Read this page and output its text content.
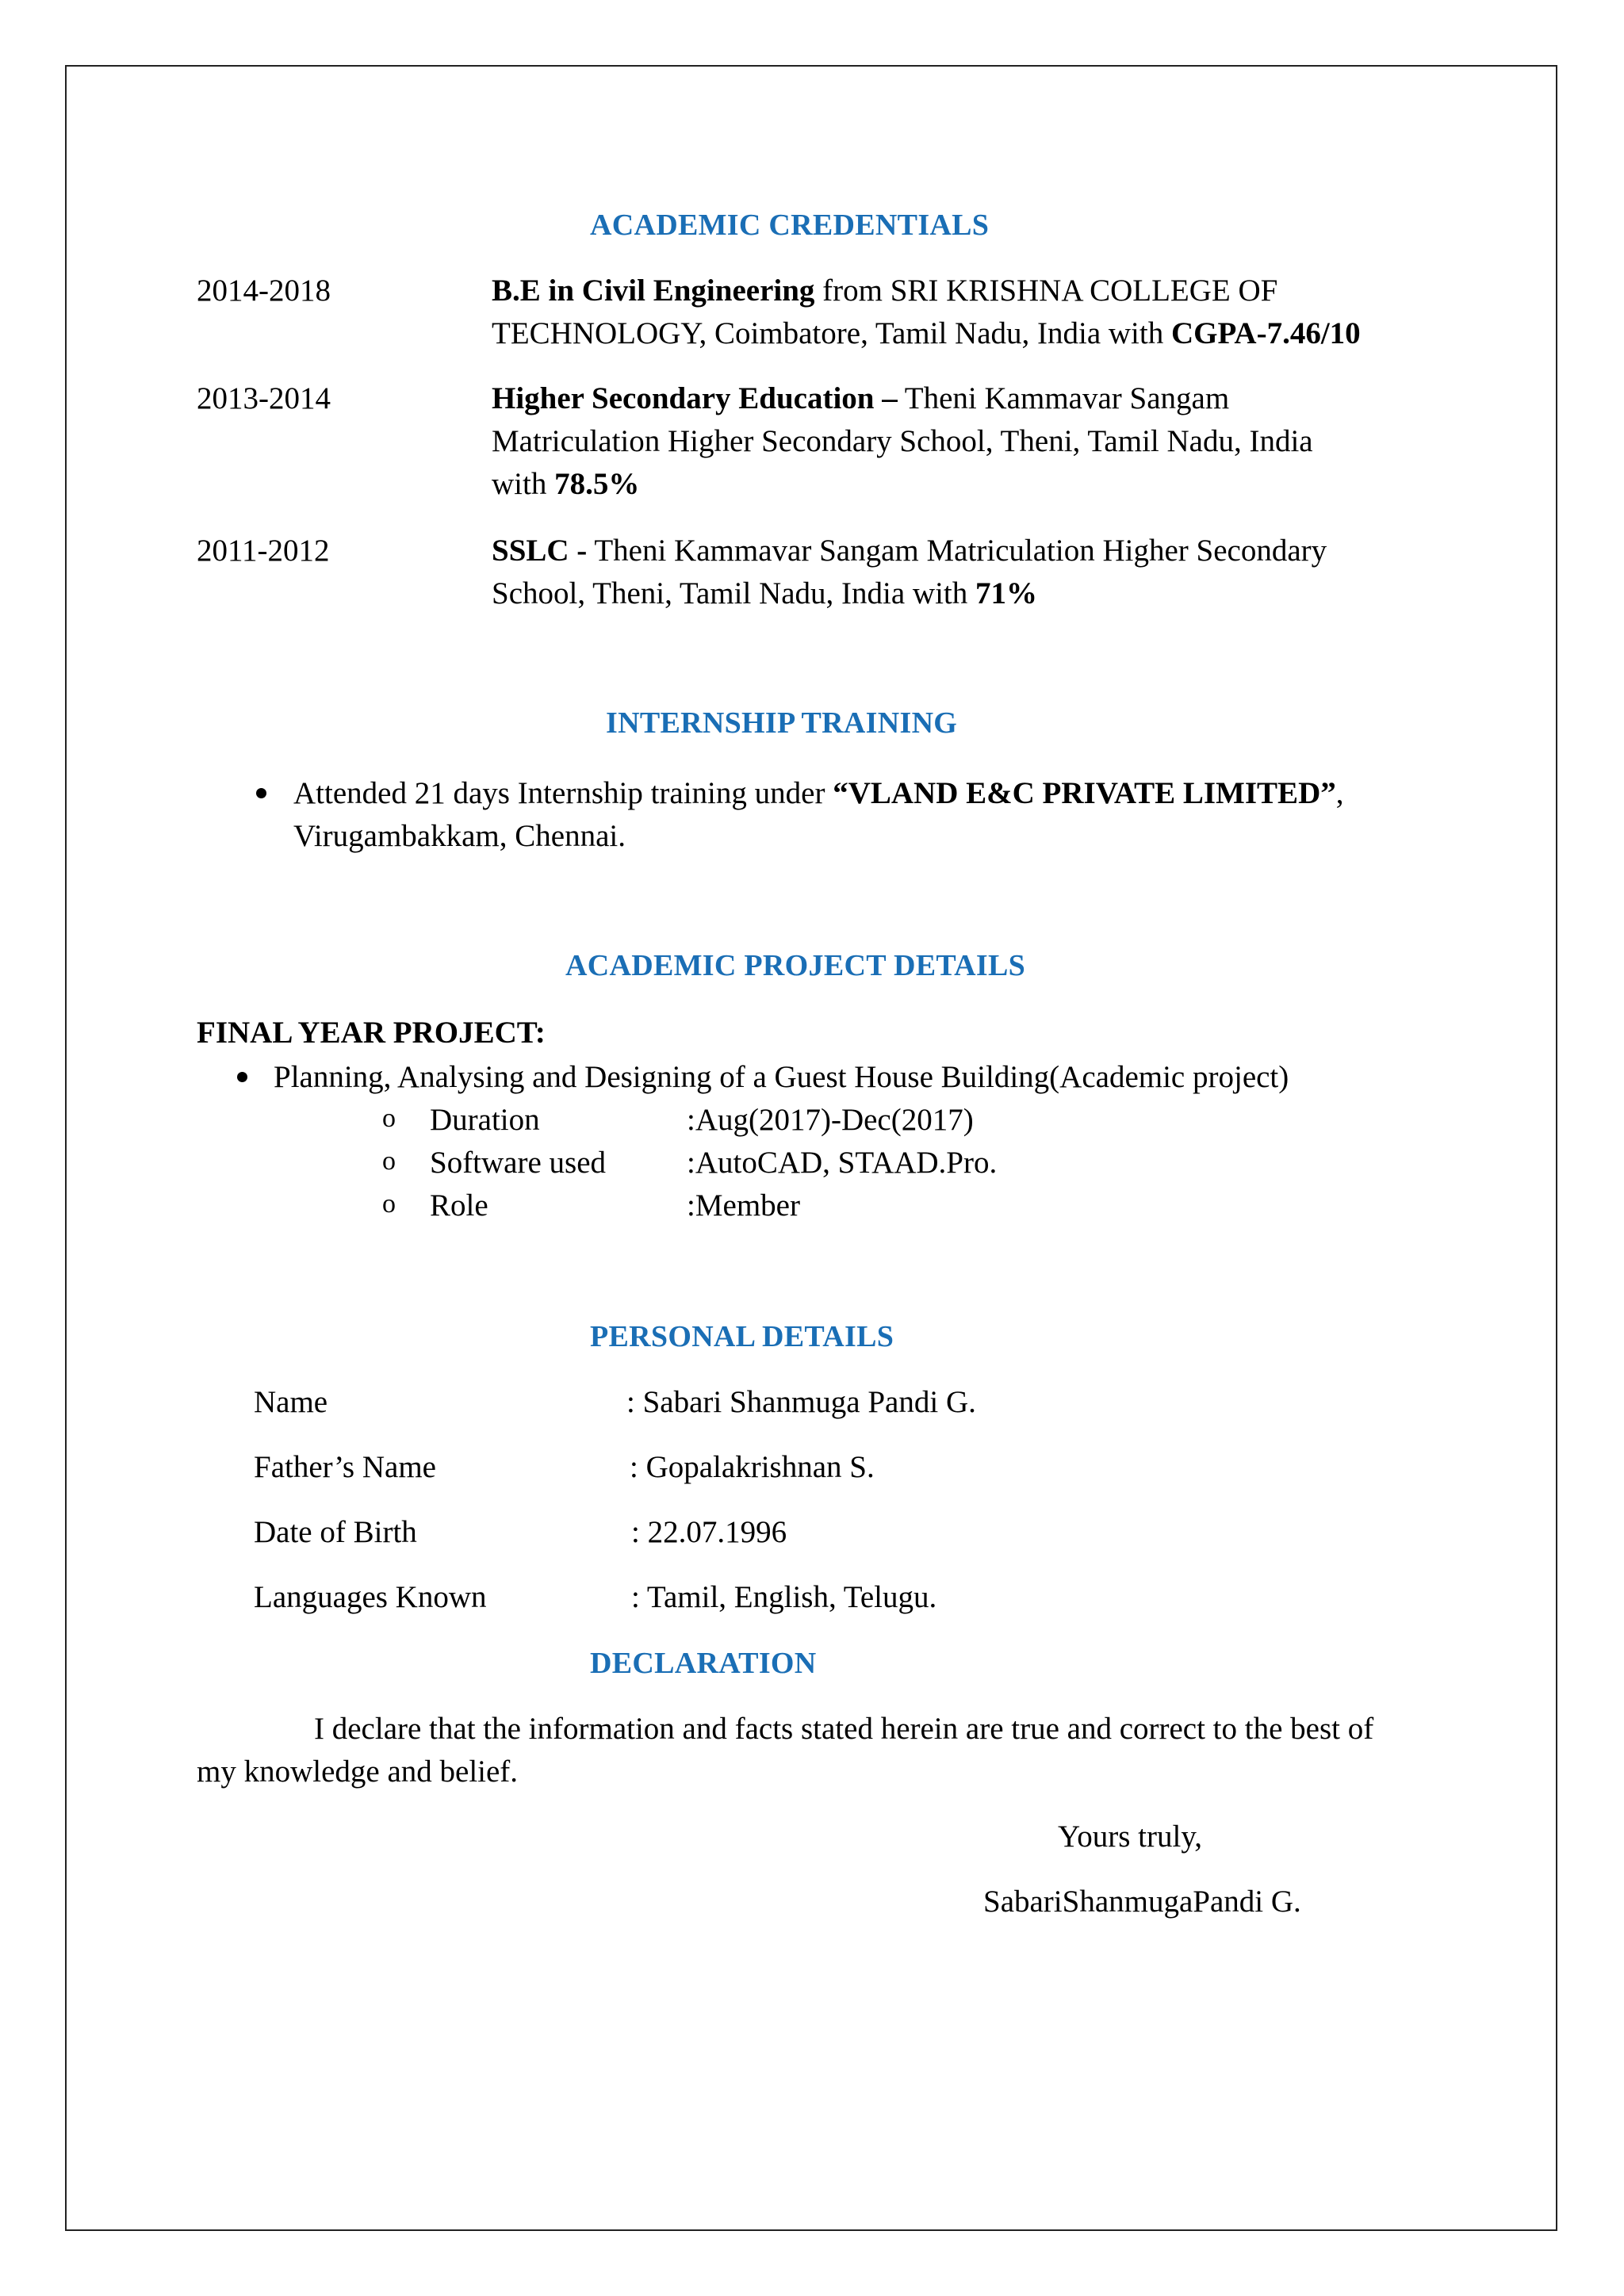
ACADEMIC CREDENTIALS
2014-2018	B.E in Civil Engineering from SRI KRISHNA COLLEGE OF
TECHNOLOGY, Coimbatore, Tamil Nadu, India with CGPA-7.46/10
2013-2014	Higher Secondary Education – Theni Kammavar Sangam
Matriculation Higher Secondary School, Theni, Tamil Nadu, India
with 78.5%
2011-2012	SSLC - Theni Kammavar Sangam Matriculation Higher Secondary
School, Theni, Tamil Nadu, India with 71%
INTERNSHIP TRAINING
Attended 21 days Internship training under “VLAND E&C PRIVATE LIMITED”,
Virugambakkam, Chennai.
ACADEMIC PROJECT DETAILS
FINAL YEAR PROJECT:
Planning, Analysing and Designing of a Guest House Building(Academic project)
o Duration	:Aug(2017)-Dec(2017)
o Software used	:AutoCAD, STAAD.Pro.
o Role	:Member
PERSONAL DETAILS
Name	: Sabari Shanmuga Pandi G.
Father’s Name	: Gopalakrishnan S.
Date of Birth	: 22.07.1996
Languages Known	: Tamil, English, Telugu.
DECLARATION
I declare that the information and facts stated herein are true and correct to the best of
my knowledge and belief.
Yours truly,
SabariShanmugaPandi G.
